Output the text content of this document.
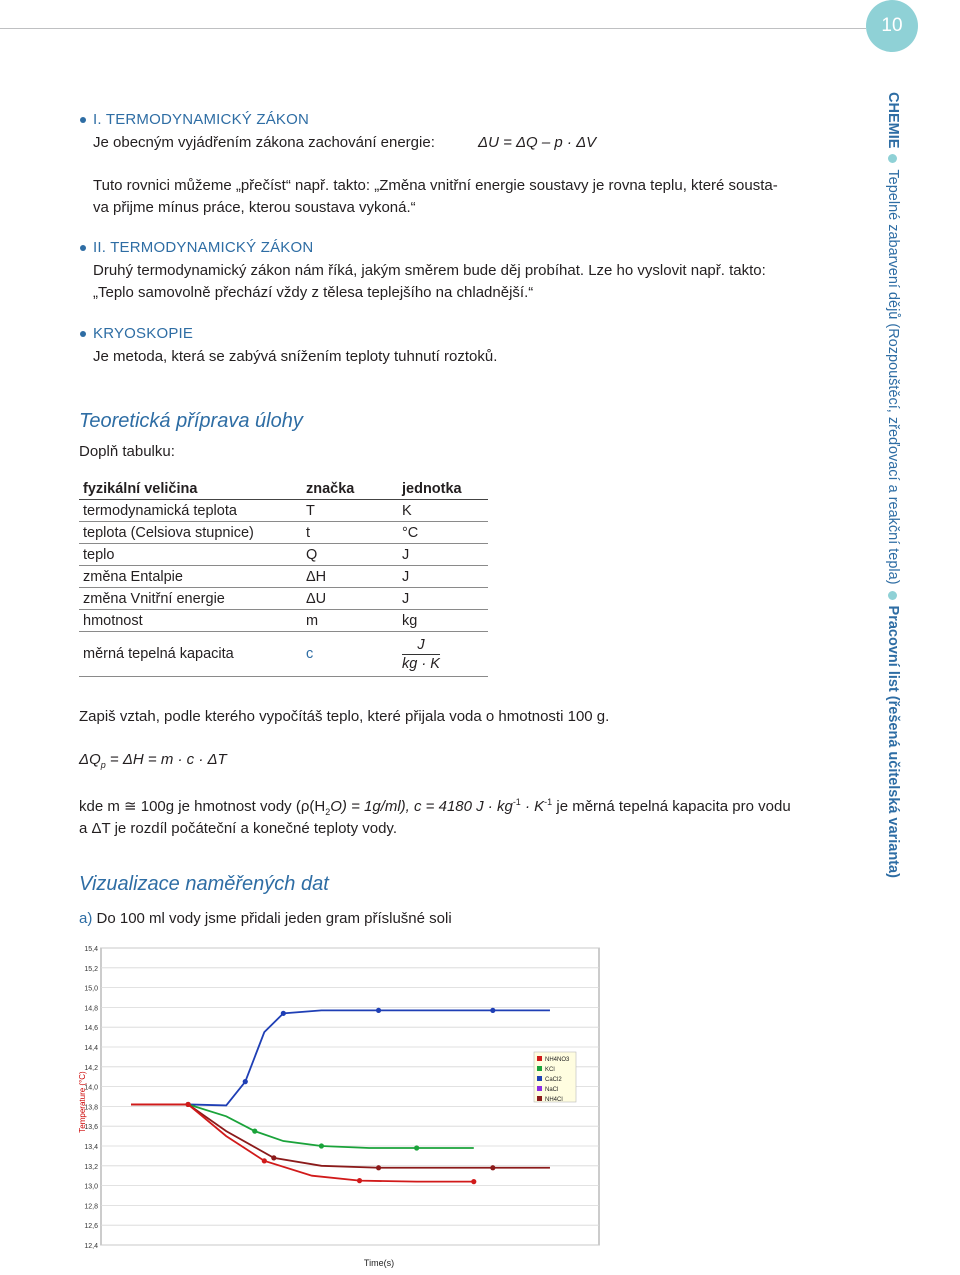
10
CHEMIETepelné zabarvení dějů (Rozpouštěcí, zřeďovací a reakční tepla)Pracovní list (řešená učitelská varianta)
I. TERMODYNAMICKÝ ZÁKON
Je obecným vyjádřením zákona zachování energie:	ΔU = ΔQ – p · ΔV
Tuto rovnici můžeme „přečíst“ např. takto: „Změna vnitřní energie soustavy je rovna teplu, které sousta-
va přijme mínus práce, kterou soustava vykoná.“
II. TERMODYNAMICKÝ ZÁKON
Druhý termodynamický zákon nám říká, jakým směrem bude děj probíhat. Lze ho vyslovit např. takto:
„Teplo samovolně přechází vždy z tělesa teplejšího na chladnější.“
KRYOSKOPIE
Je metoda, která se zabývá snížením teploty tuhnutí roztoků.
Teoretická příprava úlohy
Doplň tabulku:
fyzikální veličina	značka	jednotka
termodynamická teplota	T	K
teplota (Celsiova stupnice)	t	°C
teplo	Q	J
změna Entalpie	ΔH	J
změna Vnitřní energie	ΔU	J
hmotnost	m	kg
měrná tepelná kapacita	c	$\frac{J}{kg \cdot K}$
Zapiš vztah, podle kterého vypočítáš teplo, které přijala voda o hmotnosti 100 g.
$\Delta Q_p = \Delta H = m \cdot c \cdot \Delta T$
kde m ≅ 100g je hmotnost vody $(\rho(H_2O) = 1g/ml)$, c = 4180 $J \cdot kg^{-1} \cdot K^{-1}$ je měrná tepelná kapacita pro vodu
a ΔT je rozdíl počáteční a konečné teploty vody.
Vizualizace naměřených dat
a) Do 100 ml vody jsme přidali jeden gram příslušné soli
15,4
15,2
15,0
14,8
14,6
14,4
14,2
14,0
13,8
13,6
13,4
13,2
13,0
12,8
12,6
12,4
NH4NO3
KCl
CaCl2
NaCl
NH4Cl
Temperature (°C)
Time(s)
